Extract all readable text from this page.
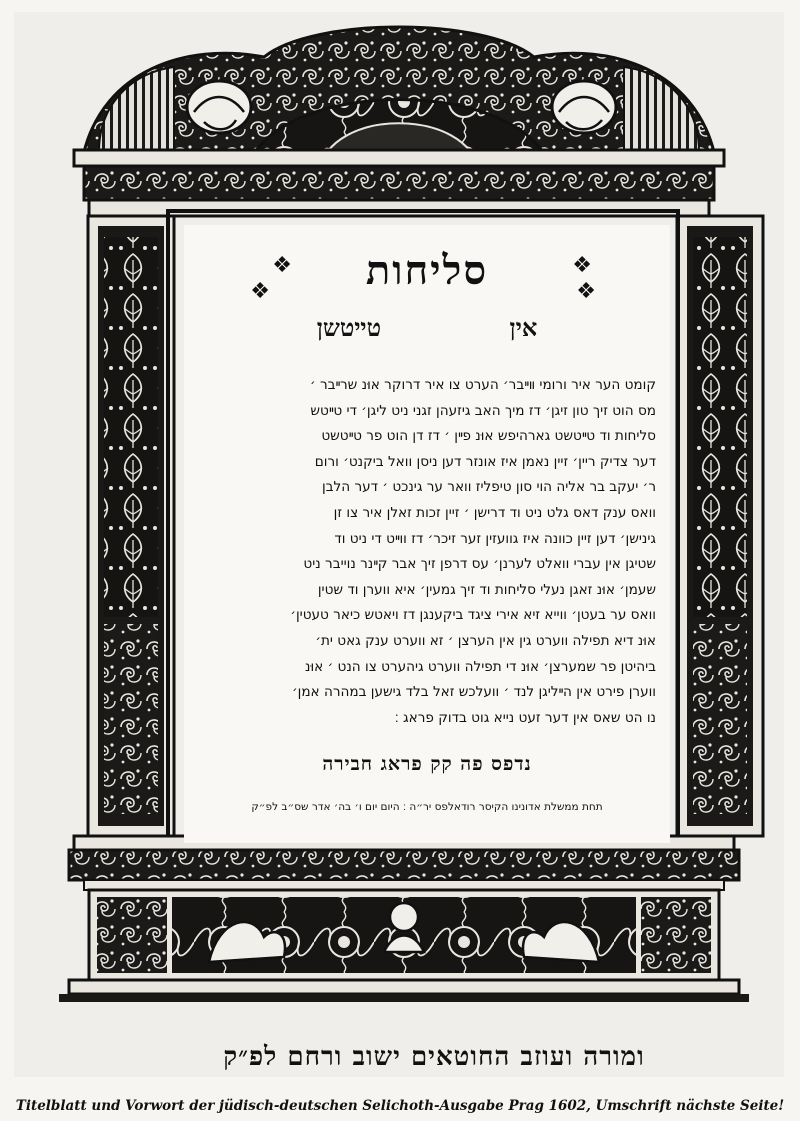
❖
❖	סליחות	❖
❖
אין טײטשן
קומט הער איר ורומי װײבר׳ הערט צו איר דרוקר אוּנ שרײבר ׳
מס הוט זיך טון זיגן׳ דז מיך האב גיזעהן זגני ניט ליגן׳ די טײטש
סליחות וד טײטשט גארהיפש אוּנ פײן ׳ דז דן הוט פר טײטשט
דער צדיק ריין׳ זיין נאמן איז אונזר דען ניסן וואל ביקנט׳ ורום
ר׳ יעקב בר אליה הוי סון טיפליז וואר ער גינכט ׳ דער הלבן
וואס ענק דאס גלט ניט וד דרישן ׳ זיין זכות זאלן איר צו זן
גינישן׳ דען זיין כוונה איז גוועזין זער זיכר׳ דז ווײט די ניט וד
שטיגן אין עברי וואלט לערנן׳ עס דרפן זיך אבר קײנר נוייבר ניט
שעמן׳ אוּנ זאגן נעלי סליחות וד זיך גמעין׳ איא ווערן וד שטין
וואס ער בעטן׳ ווייא זיא אירי ציגד ביקענגן דז ויאטש כיאר טעטין׳
אוּנ דיא תפילה ווערט גין אין הערצן ׳ זא ווערט ענק גאט ית׳
ביהיטן פר שמערצן׳ אוּנ די תפילה ווערט גיהערט צו הנט ׳ אוּנ
ווערן פירט אין הײליגן לנד ׳ וועלכש זאל בלד גישען במהרה אמן׳
נו הט שאס אין דער זעט נייא גוט בדוק פראג ׃
נדפס פה קק פראג חבירה
תחת ממשלת אדונינו הקיסר רודאלפס יר״ה ׃ היום יום ו׳ בה׳ אדר שס״ב לפ״ק
ומורה ועוזב החוטאים ישוב ורחם לפ״ק
Titelblatt und Vorwort der jüdisch-deutschen Selichoth-Ausgabe Prag 1602, Umschrift nächste Seite!
